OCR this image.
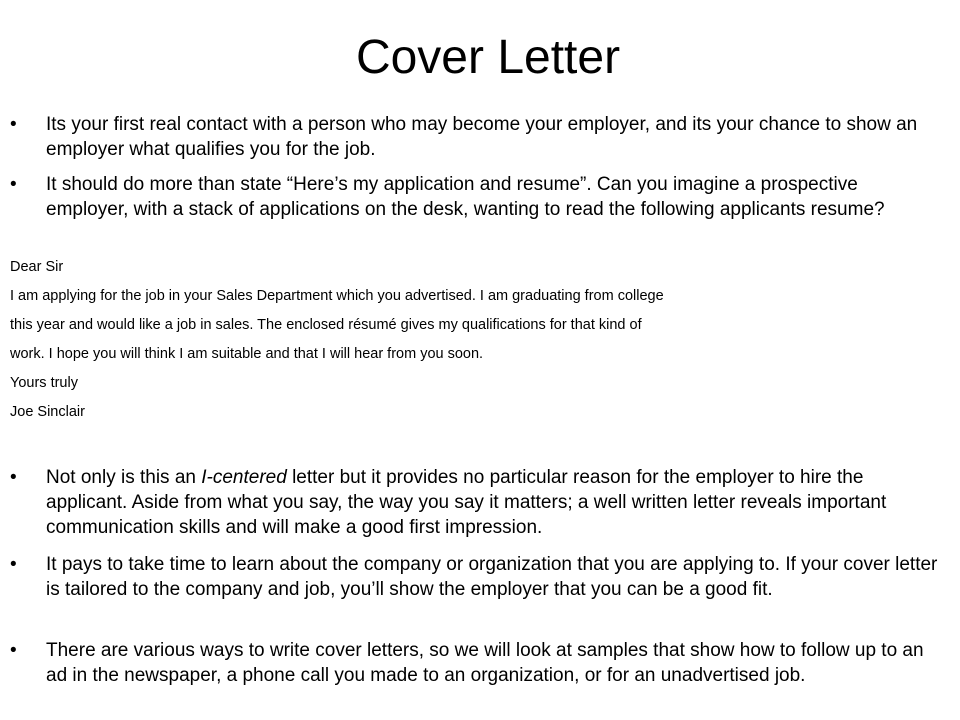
Cover Letter

• Its your first real contact with a person who may become your employer, and its your chance to show an employer what qualifies you for the job.

• It should do more than state “Here’s my application and resume”. Can you imagine a prospective employer, with a stack of applications on the desk, wanting to read the following applicants resume?

Dear Sir

I am applying for the job in your Sales Department which you advertised. I am graduating from college

this year and would like a job in sales. The enclosed résumé gives my qualifications for that kind of

work. I hope you will think I am suitable and that I will hear from you soon.

Yours truly

Joe Sinclair

• Not only is this an I-centered letter but it provides no particular reason for the employer to hire the applicant. Aside from what you say, the way you say it matters; a well written letter reveals important communication skills and will make a good first impression.

• It pays to take time to learn about the company or organization that you are applying to. If your cover letter is tailored to the company and job, you’ll show the employer that you can be a good fit.

• There are various ways to write cover letters, so we will look at samples that show how to follow up to an ad in the newspaper, a phone call you made to an organization, or for an unadvertised job.
